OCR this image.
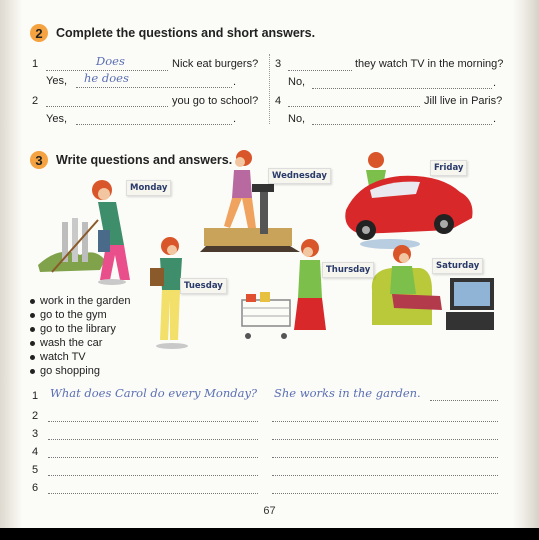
2	Complete the questions and short answers.
1	Does	Nick eat burgers?
Yes, he does	.
3	they watch TV in the morning?
No,	.
2	you go to school?
Yes,	.
4	Jill live in Paris?
No,	.
3	Write questions and answers.
Monday
Tuesday
Wednesday
Thursday
Friday
Saturday
work in the garden
go to the gym
go to the library
wash the car
watch TV
go shopping
1 What does Carol do every Monday? She works in the garden.
2
3
4
5
6
67
